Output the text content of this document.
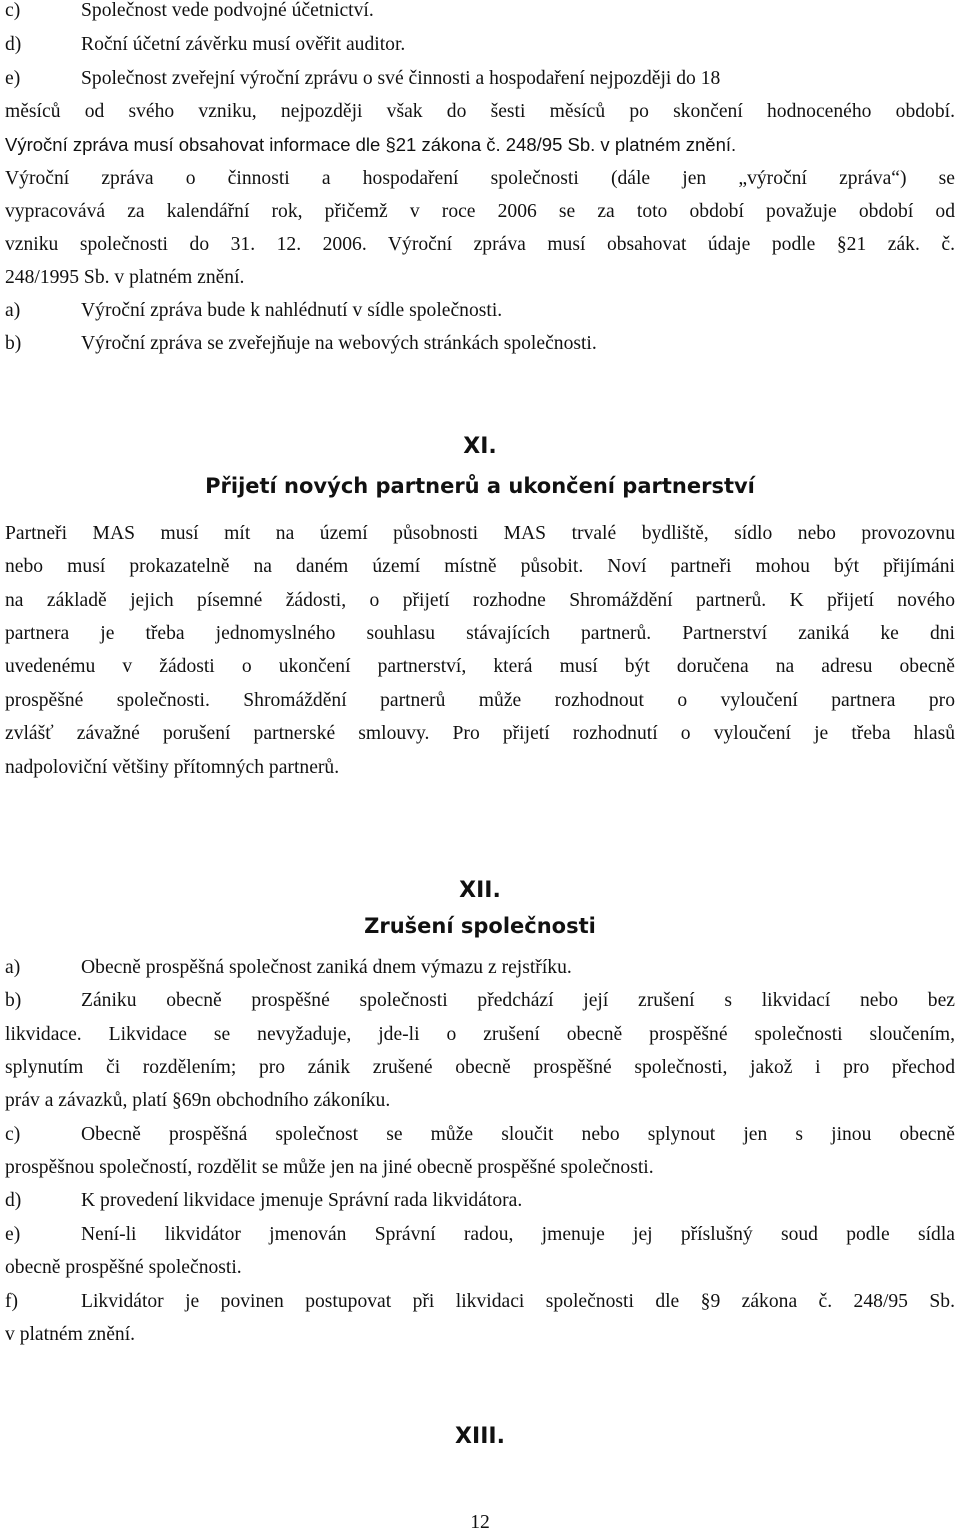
c)	Společnost vede podvojné účetnictví.
d)	Roční účetní závěrku musí ověřit auditor.
e)	Společnost zveřejní výroční zprávu o své činnosti a hospodaření nejpozději do 18
měsíců od svého vzniku, nejpozději však do šesti měsíců po skončení hodnoceného období.
Výroční zpráva musí obsahovat informace dle §21 zákona č. 248/95 Sb. v platném znění.
Výroční zpráva o činnosti a hospodaření společnosti (dále jen „výroční zpráva“) se
vypracovává za kalendářní rok, přičemž v roce 2006 se za toto období považuje období od
vzniku společnosti do 31. 12. 2006. Výroční zpráva musí obsahovat údaje podle §21 zák. č.
248/1995 Sb. v platném znění.
a)	Výroční zpráva bude k nahlédnutí v sídle společnosti.
b)	Výroční zpráva se zveřejňuje na webových stránkách společnosti.
XI.
Přijetí nových partnerů a ukončení partnerství
Partneři MAS musí mít na území působnosti MAS trvalé bydliště, sídlo nebo provozovnu
nebo musí prokazatelně na daném území místně působit. Noví partneři mohou být přijímáni
na základě jejich písemné žádosti, o přijetí rozhodne Shromáždění partnerů. K přijetí nového
partnera je třeba jednomyslného souhlasu stávajících partnerů. Partnerství zaniká ke dni
uvedenému v žádosti o ukončení partnerství, která musí být doručena na adresu obecně
prospěšné společnosti. Shromáždění partnerů může rozhodnout o vyloučení partnera pro
zvlášť závažné porušení partnerské smlouvy. Pro přijetí rozhodnutí o vyloučení je třeba hlasů
nadpoloviční většiny přítomných partnerů.
XII.
Zrušení společnosti
a)	Obecně prospěšná společnost zaniká dnem výmazu z rejstříku.
b)	Zániku obecně prospěšné společnosti předchází její zrušení s likvidací nebo bez
likvidace. Likvidace se nevyžaduje, jde-li o zrušení obecně prospěšné společnosti sloučením,
splynutím či rozdělením; pro zánik zrušené obecně prospěšné společnosti, jakož i pro přechod
práv a závazků, platí §69n obchodního zákoníku.
c)	Obecně prospěšná společnost se může sloučit nebo splynout jen s jinou obecně
prospěšnou společností, rozdělit se může jen na jiné obecně prospěšné společnosti.
d)	K provedení likvidace jmenuje Správní rada likvidátora.
e)	Není-li likvidátor jmenován Správní radou, jmenuje jej příslušný soud podle sídla
obecně prospěšné společnosti.
f)	Likvidátor je povinen postupovat při likvidaci společnosti dle §9 zákona č. 248/95 Sb.
v platném znění.
XIII.
12
